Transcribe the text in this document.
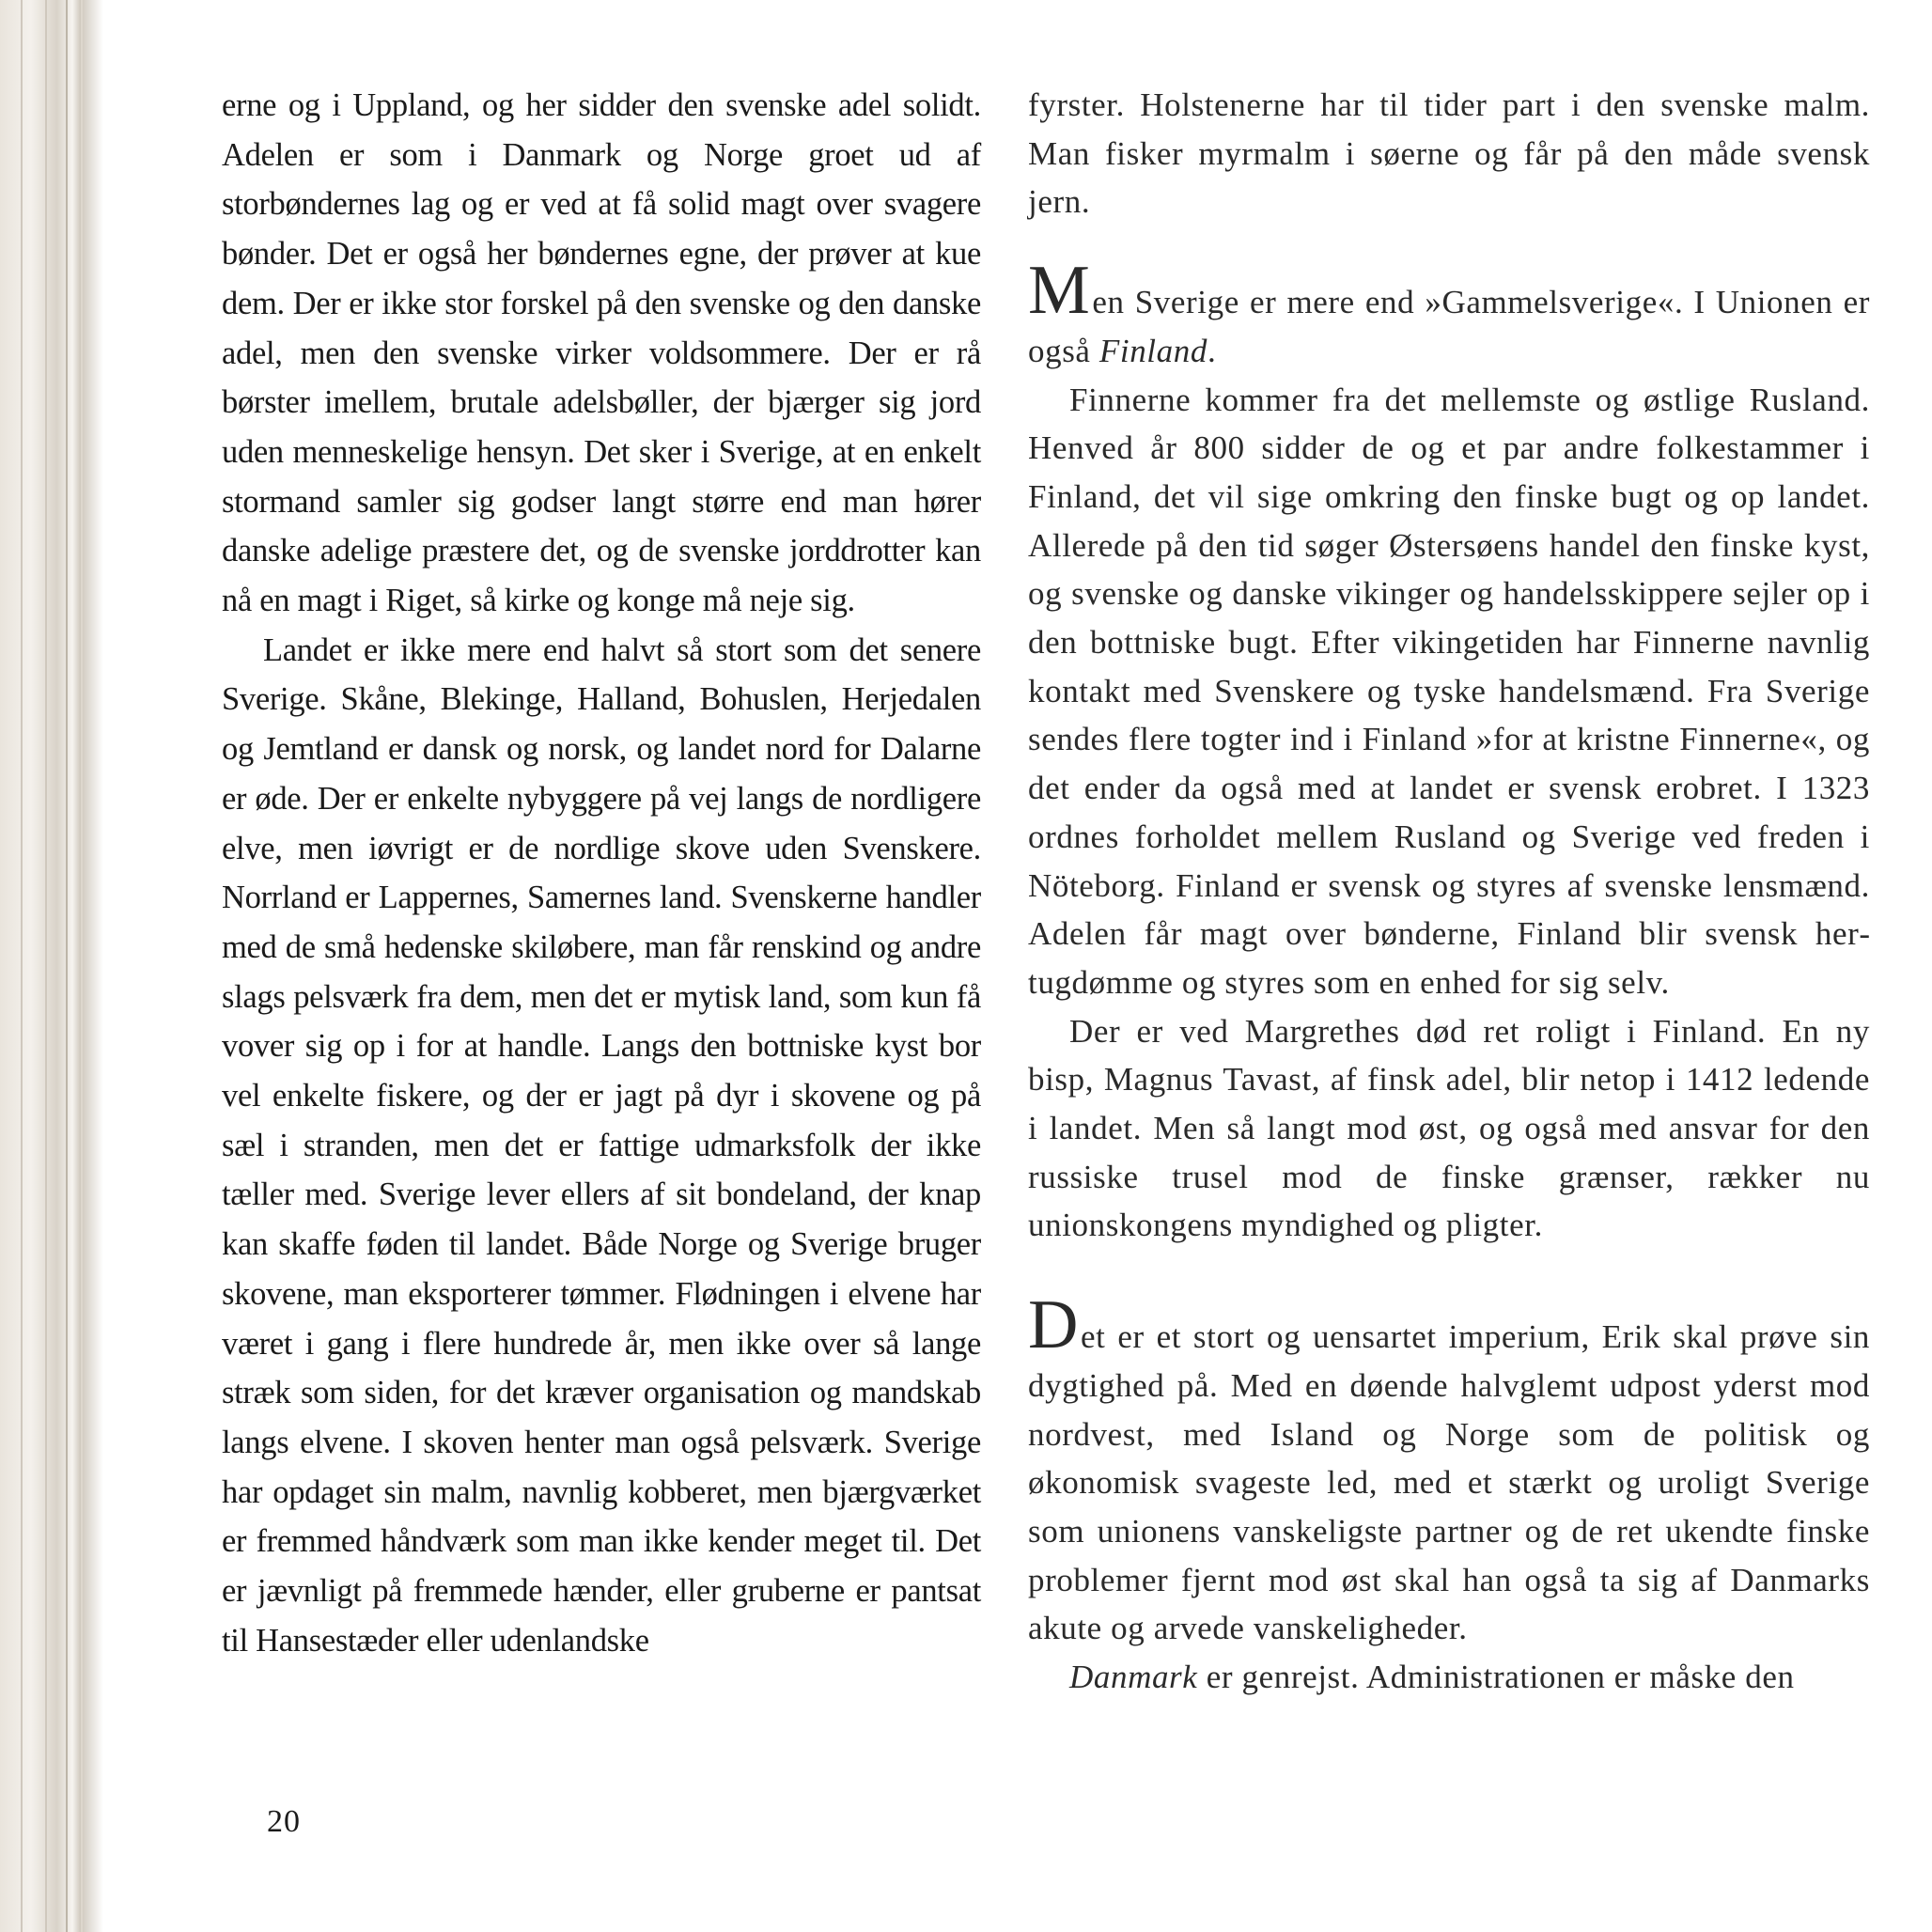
erne og i Uppland, og her sidder den svenske adel solidt. Adelen er som i Danmark og Norge groet ud af storbøndernes lag og er ved at få solid magt over svagere bønder. Det er også her bøndernes egne, der prøver at kue dem. Der er ikke stor forskel på den svenske og den danske adel, men den svenske virker voldsommere. Der er rå børster imellem, brutale adelsbøller, der bjærger sig jord uden menneskelige hensyn. Det sker i Sverige, at en enkelt stormand samler sig godser langt større end man hører danske adelige præstere det, og de svenske jorddrotter kan nå en magt i Riget, så kirke og konge må neje sig.

Landet er ikke mere end halvt så stort som det senere Sverige. Skåne, Blekinge, Halland, Bohuslen, Herjedalen og Jemtland er dansk og norsk, og landet nord for Dalarne er øde. Der er enkelte nybyggere på vej langs de nordligere elve, men iøvrigt er de nordlige skove uden Svenskere. Norrland er Lappernes, Samernes land. Svenskerne handler med de små hedenske skiløbere, man får renskind og andre slags pelsværk fra dem, men det er mytisk land, som kun få vover sig op i for at handle. Langs den bottniske kyst bor vel enkelte fiskere, og der er jagt på dyr i skovene og på sæl i stranden, men det er fattige udmarksfolk der ikke tæller med. Sverige lever ellers af sit bondeland, der knap kan skaffe føden til landet. Både Norge og Sverige bruger skovene, man eksporterer tømmer. Flødningen i elvene har været i gang i flere hundrede år, men ikke over så lange stræk som siden, for det kræver organisation og mandskab langs elvene. I skoven henter man også pelsværk. Sverige har opdaget sin malm, navnlig kobberet, men bjærgværket er fremmed håndværk som man ikke kender meget til. Det er jævnligt på fremmede hænder, eller gruberne er pantsat til Hansestæder eller udenlandske

fyrster. Holstenerne har til tider part i den svenske malm. Man fisker myrmalm i søerne og får på den måde svensk jern.

Men Sverige er mere end »Gammelsverige«. I Unionen er også Finland.

Finnerne kommer fra det mellemste og østlige Rusland. Henved år 800 sidder de og et par andre folkestammer i Finland, det vil sige omkring den finske bugt og op landet. Allerede på den tid søger Østersøens handel den finske kyst, og svenske og danske vikinger og handelsskippere sejler op i den bottniske bugt. Efter vikingetiden har Finnerne navnlig kontakt med Svenskere og tyske handelsmænd. Fra Sverige sendes flere togter ind i Finland »for at kristne Finnerne«, og det ender da også med at landet er svensk erobret. I 1323 ordnes forholdet mellem Rusland og Sverige ved freden i Nöteborg. Finland er svensk og styres af svenske lensmænd. Adelen får magt over bønderne, Finland blir svensk hertugdømme og styres som en enhed for sig selv.

Der er ved Margrethes død ret roligt i Finland. En ny bisp, Magnus Tavast, af finsk adel, blir netop i 1412 ledende i landet. Men så langt mod øst, og også med ansvar for den russiske trusel mod de finske grænser, rækker nu unionskongens myndighed og pligter.

Det er et stort og uensartet imperium, Erik skal prøve sin dygtighed på. Med en døende halvglemt udpost yderst mod nordvest, med Island og Norge som de politisk og økonomisk svageste led, med et stærkt og uroligt Sverige som unionens vanskeligste partner og de ret ukendte finske problemer fjernt mod øst skal han også ta sig af Danmarks akute og arvede vanskeligheder.

Danmark er genrejst. Administrationen er måske den

20
